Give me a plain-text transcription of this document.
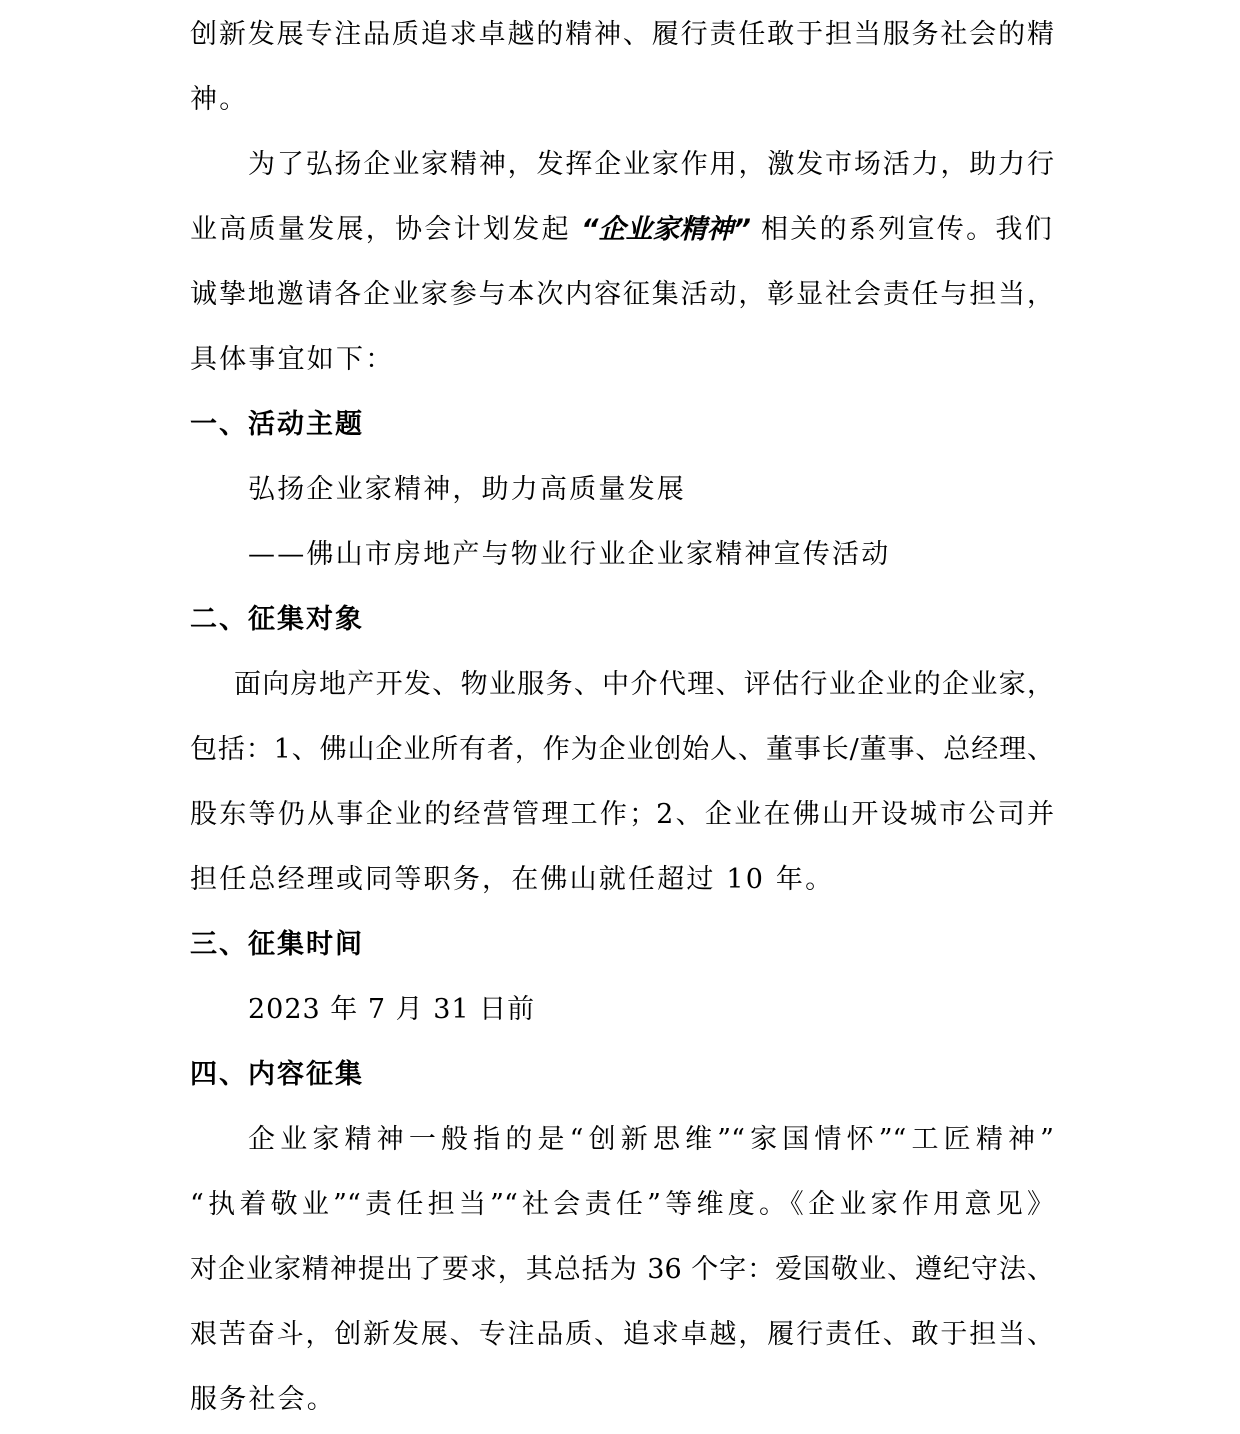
创新发展专注品质追求卓越的精神、履行责任敢于担当服务社会的精
神。
为了弘扬企业家精神，发挥企业家作用，激发市场活力，助力行
业高质量发展，协会计划发起 “企业家精神” 相关的系列宣传。我们
诚挚地邀请各企业家参与本次内容征集活动，彰显社会责任与担当，
具体事宜如下：
一、活动主题
弘扬企业家精神，助力高质量发展
——佛山市房地产与物业行业企业家精神宣传活动
二、征集对象
面向房地产开发、物业服务、中介代理、评估行业企业的企业家，
包括：1、佛山企业所有者，作为企业创始人、董事长/董事、总经理、
股东等仍从事企业的经营管理工作；2、企业在佛山开设城市公司并
担任总经理或同等职务，在佛山就任超过 10 年。
三、征集时间
2023 年 7 月 31 日前
四、内容征集
企业家精神一般指的是“创新思维”“家国情怀”“工匠精神”
“执着敬业”“责任担当”“社会责任”等维度。《企业家作用意见》
对企业家精神提出了要求，其总括为 36 个字：爱国敬业、遵纪守法、
艰苦奋斗，创新发展、专注品质、追求卓越，履行责任、敢于担当、
服务社会。
